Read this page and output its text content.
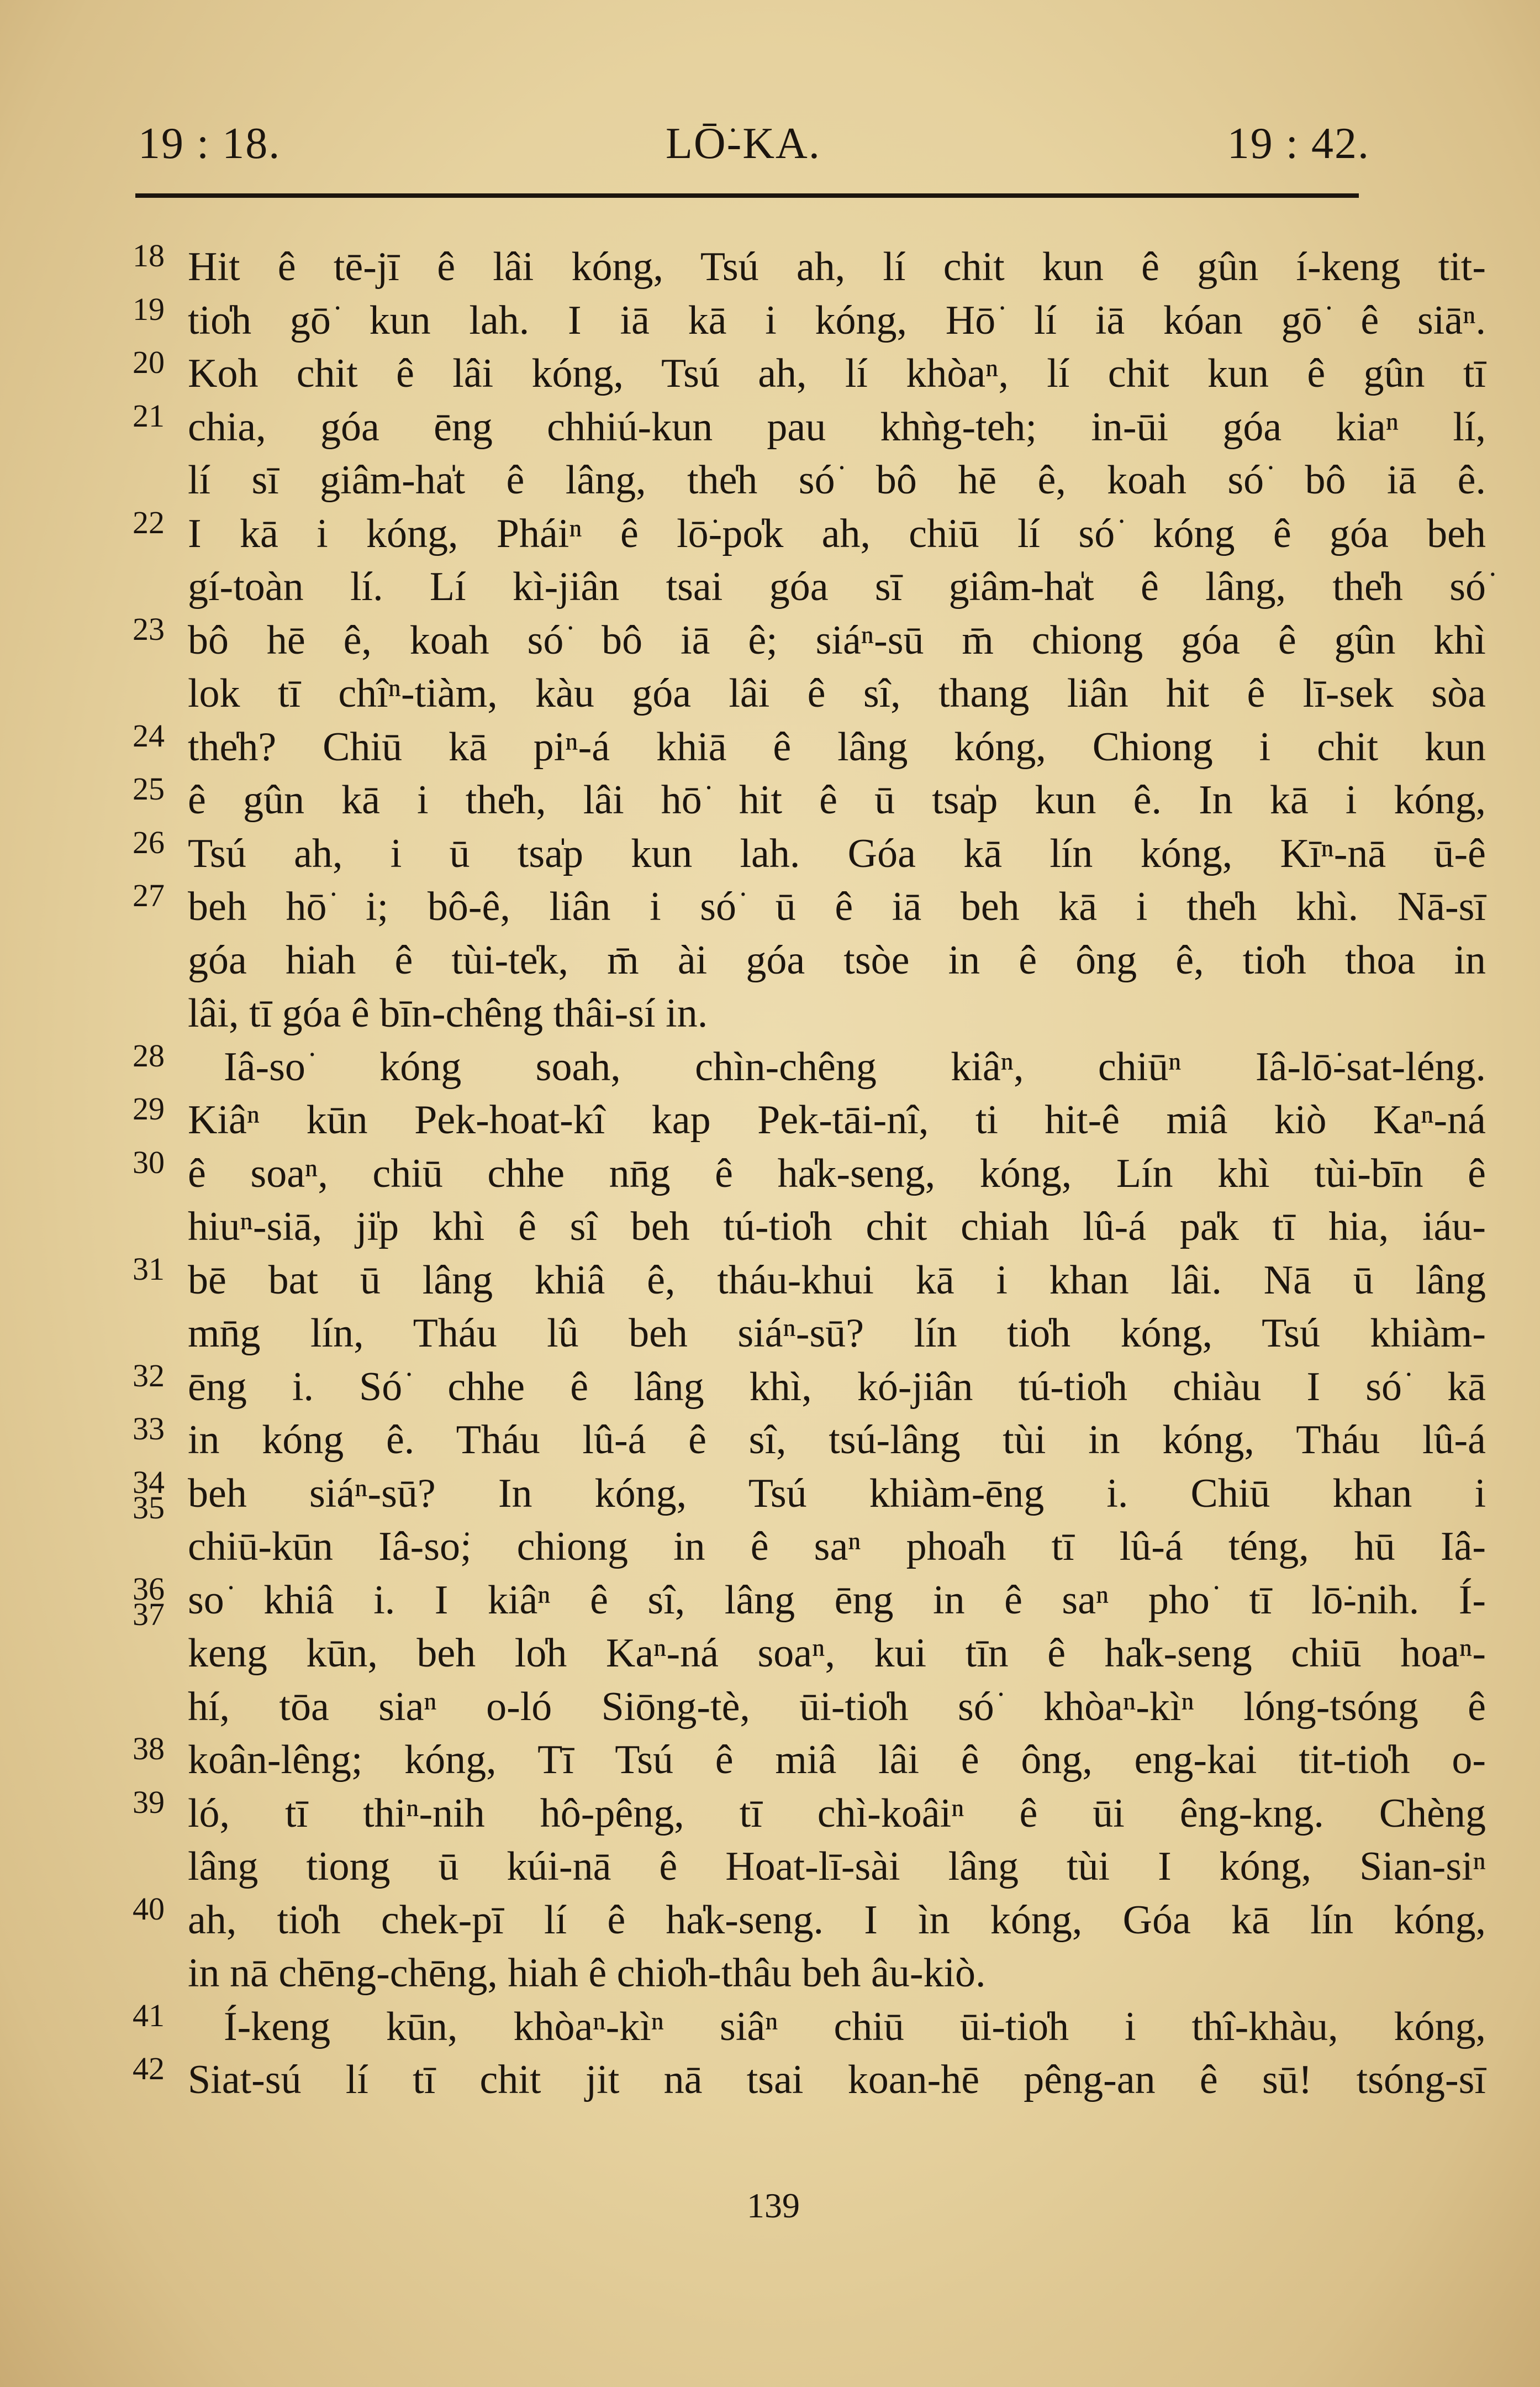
19 : 18.	LŌ͘-KA.	19 : 42.
18 Hit ê tē-jī ê lâi kóng, Tsú ah, lí chit kun ê gûn í-keng tit-
19 tio̍h gō͘ kun lah. I iā kā i kóng, Hō͘ lí iā kóan gō͘ ê siāⁿ.
20 Koh chit ê lâi kóng, Tsú ah, lí khòaⁿ, lí chit kun ê gûn tī
21 chia, góa ēng chhiú-kun pau khǹg-teh; in-ūi góa kiaⁿ lí,
lí sī giâm-ha̍t ê lâng, the̍h só͘ bô hē ê, koah só͘ bô iā ê.
22 I kā i kóng, Pháiⁿ ê lō͘-po̍k ah, chiū lí só͘ kóng ê góa beh
gí-toàn lí. Lí kì-jiân tsai góa sī giâm-ha̍t ê lâng, the̍h só͘
23 bô hē ê, koah só͘ bô iā ê; siáⁿ-sū m̄ chiong góa ê gûn khì
lok tī chîⁿ-tiàm, kàu góa lâi ê sî, thang liân hit ê lī-sek sòa
24 the̍h? Chiū kā piⁿ-á khiā ê lâng kóng, Chiong i chit kun
25 ê gûn kā i the̍h, lâi hō͘ hit ê ū tsa̍p kun ê. In kā i kóng,
26 Tsú ah, i ū tsa̍p kun lah. Góa kā lín kóng, Kīⁿ-nā ū-ê
27 beh hō͘ i; bô-ê, liân i só͘ ū ê iā beh kā i the̍h khì. Nā-sī
góa hiah ê tùi-te̍k, m̄ ài góa tsòe in ê ông ê, tio̍h thoa in
lâi, tī góa ê bīn-chêng thâi-sí in.
28	Iâ-so͘ kóng soah, chìn-chêng kiâⁿ, chiūⁿ Iâ-lō͘-sat-léng.
29 Kiâⁿ kūn Pek-hoat-kî kap Pek-tāi-nî, ti hit-ê miâ kiò Kaⁿ-ná
30 ê soaⁿ, chiū chhe nn̄g ê ha̍k-seng, kóng, Lín khì tùi-bīn ê
hiuⁿ-siā, ji̍p khì ê sî beh tú-tio̍h chit chiah lû-á pa̍k tī hia, iáu-
31 bē bat ū lâng khiâ ê, tháu-khui kā i khan lâi. Nā ū lâng
mn̄g lín, Tháu lû beh siáⁿ-sū? lín tio̍h kóng, Tsú khiàm-
32 ēng i. Só͘ chhe ê lâng khì, kó-jiân tú-tio̍h chiàu I só͘ kā
33 in kóng ê. Tháu lû-á ê sî, tsú-lâng tùi in kóng, Tháu lû-á
34
35 beh siáⁿ-sū? In kóng, Tsú khiàm-ēng i. Chiū khan i
chiū-kūn Iâ-so͘; chiong in ê saⁿ phoa̍h tī lû-á téng, hū Iâ-
36
37 so͘ khiâ i. I kiâⁿ ê sî, lâng ēng in ê saⁿ pho͘ tī lō͘-nih. Í-
keng kūn, beh lo̍h Kaⁿ-ná soaⁿ, kui tīn ê ha̍k-seng chiū hoaⁿ-
hí, tōa siaⁿ o-ló Siōng-tè, ūi-tio̍h só͘ khòaⁿ-kìⁿ lóng-tsóng ê
38 koân-lêng; kóng, Tī Tsú ê miâ lâi ê ông, eng-kai tit-tio̍h o-
39 ló, tī thiⁿ-nih hô-pêng, tī chì-koâiⁿ ê ūi êng-kng. Chèng
lâng tiong ū kúi-nā ê Hoat-lī-sài lâng tùi I kóng, Sian-siⁿ
40 ah, tio̍h chek-pī lí ê ha̍k-seng. I ìn kóng, Góa kā lín kóng,
in nā chēng-chēng, hiah ê chio̍h-thâu beh âu-kiò.
41	Í-keng kūn, khòaⁿ-kìⁿ siâⁿ chiū ūi-tio̍h i thî-khàu, kóng,
42 Siat-sú lí tī chit jit nā tsai koan-hē pêng-an ê sū! tsóng-sī
139
